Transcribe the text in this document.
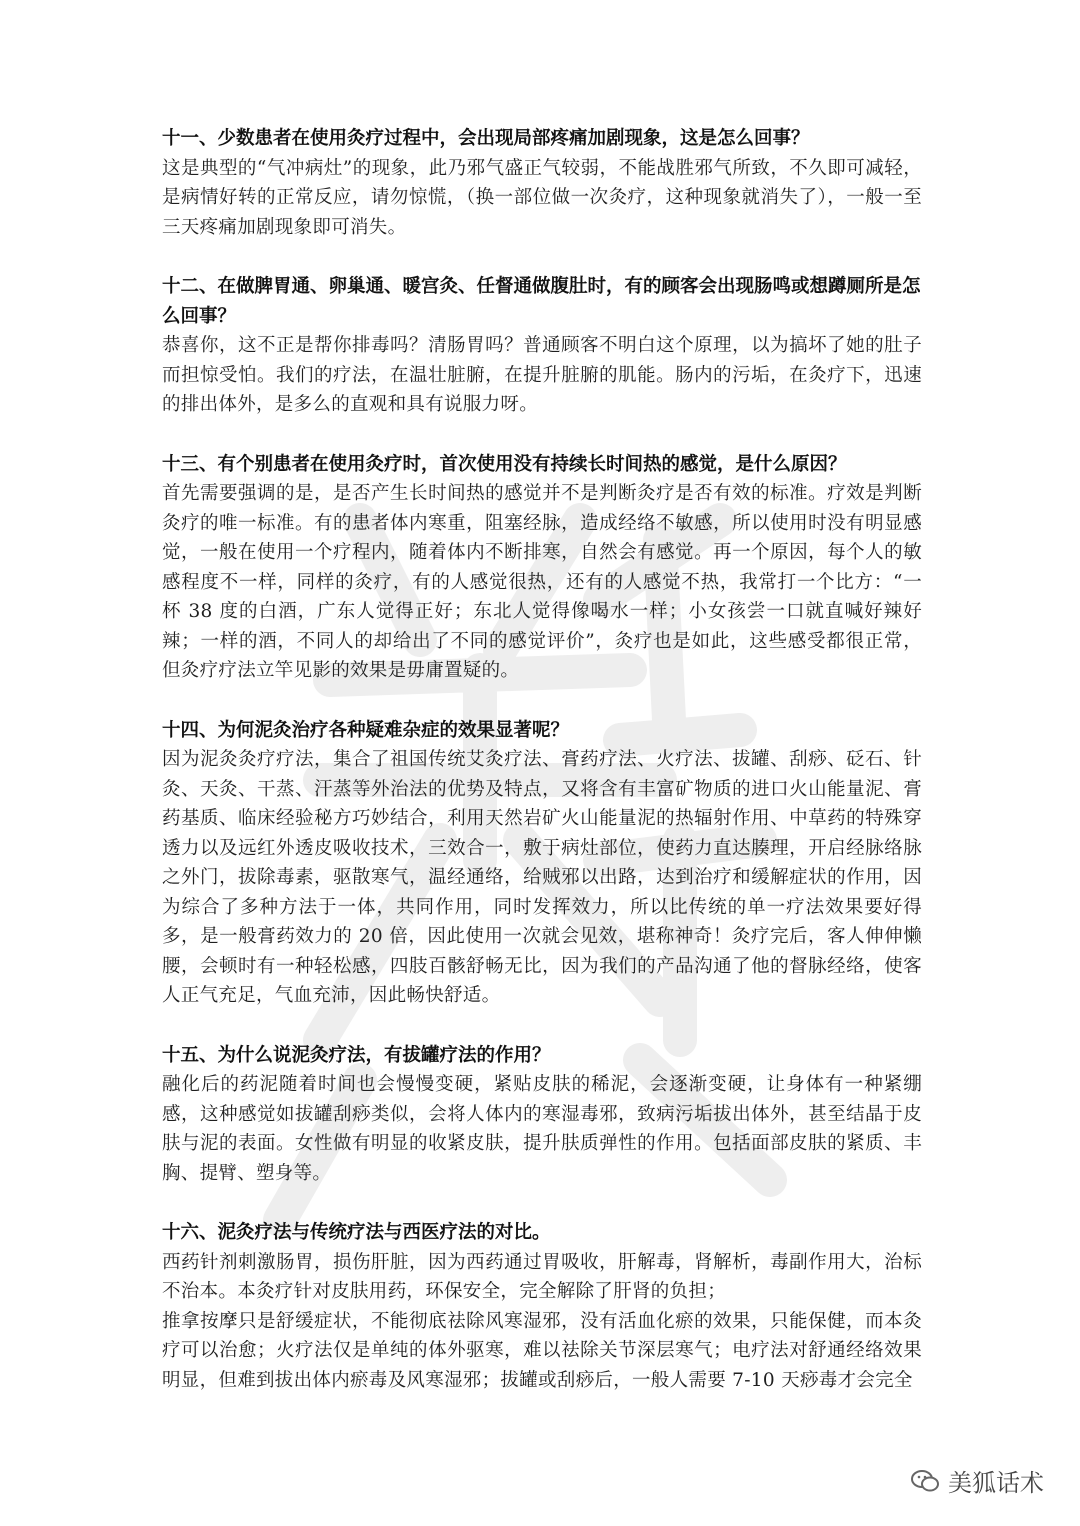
十一、少数患者在使用灸疗过程中，会出现局部疼痛加剧现象，这是怎么回事？

这是典型的“气冲病灶”的现象，此乃邪气盛正气较弱，不能战胜邪气所致，不久即可减轻，是病情好转的正常反应，请勿惊慌，（换一部位做一次灸疗，这种现象就消失了），一般一至三天疼痛加剧现象即可消失。

十二、在做脾胃通、卵巢通、暖宫灸、任督通做腹肚时，有的顾客会出现肠鸣或想蹲厕所是怎么回事？

恭喜你，这不正是帮你排毒吗？清肠胃吗？普通顾客不明白这个原理，以为搞坏了她的肚子而担惊受怕。我们的疗法，在温壮脏腑，在提升脏腑的肌能。肠内的污垢，在灸疗下，迅速的排出体外，是多么的直观和具有说服力呀。

十三、有个别患者在使用灸疗时，首次使用没有持续长时间热的感觉，是什么原因？

首先需要强调的是，是否产生长时间热的感觉并不是判断灸疗是否有效的标准。疗效是判断灸疗的唯一标准。有的患者体内寒重，阻塞经脉，造成经络不敏感，所以使用时没有明显感觉，一般在使用一个疗程内，随着体内不断排寒，自然会有感觉。再一个原因，每个人的敏感程度不一样，同样的灸疗，有的人感觉很热，还有的人感觉不热，我常打一个比方：“一杯 38 度的白酒，广东人觉得正好；东北人觉得像喝水一样；小女孩尝一口就直喊好辣好辣；一样的酒，不同人的却给出了不同的感觉评价”，灸疗也是如此，这些感受都很正常，但灸疗疗法立竿见影的效果是毋庸置疑的。

十四、为何泥灸治疗各种疑难杂症的效果显著呢？

因为泥灸灸疗疗法，集合了祖国传统艾灸疗法、膏药疗法、火疗法、拔罐、刮痧、砭石、针灸、天灸、干蒸、汗蒸等外治法的优势及特点，又将含有丰富矿物质的进口火山能量泥、膏药基质、临床经验秘方巧妙结合，利用天然岩矿火山能量泥的热辐射作用、中草药的特殊穿透力以及远红外透皮吸收技术，三效合一，敷于病灶部位，使药力直达腠理，开启经脉络脉之外门，拔除毒素，驱散寒气，温经通络，给贼邪以出路，达到治疗和缓解症状的作用，因为综合了多种方法于一体，共同作用，同时发挥效力，所以比传统的单一疗法效果要好得多，是一般膏药效力的 20 倍，因此使用一次就会见效，堪称神奇！灸疗完后，客人伸伸懒腰，会顿时有一种轻松感，四肢百骸舒畅无比，因为我们的产品沟通了他的督脉经络，使客人正气充足，气血充沛，因此畅快舒适。

十五、为什么说泥灸疗法，有拔罐疗法的作用？

融化后的药泥随着时间也会慢慢变硬，紧贴皮肤的稀泥，会逐渐变硬，让身体有一种紧绷感，这种感觉如拔罐刮痧类似，会将人体内的寒湿毒邪，致病污垢拔出体外，甚至结晶于皮肤与泥的表面。女性做有明显的收紧皮肤，提升肤质弹性的作用。包括面部皮肤的紧质、丰胸、提臂、塑身等。

十六、泥灸疗法与传统疗法与西医疗法的对比。

西药针剂刺激肠胃，损伤肝脏，因为西药通过胃吸收，肝解毒，肾解析，毒副作用大，治标不治本。本灸疗针对皮肤用药，环保安全，完全解除了肝肾的负担；

推拿按摩只是舒缓症状，不能彻底祛除风寒湿邪，没有活血化瘀的效果，只能保健，而本灸疗可以治愈；火疗法仅是单纯的体外驱寒，难以祛除关节深层寒气；电疗法对舒通经络效果明显，但难到拔出体内瘀毒及风寒湿邪；拔罐或刮痧后，一般人需要 7-10 天痧毒才会完全

美狐话术
